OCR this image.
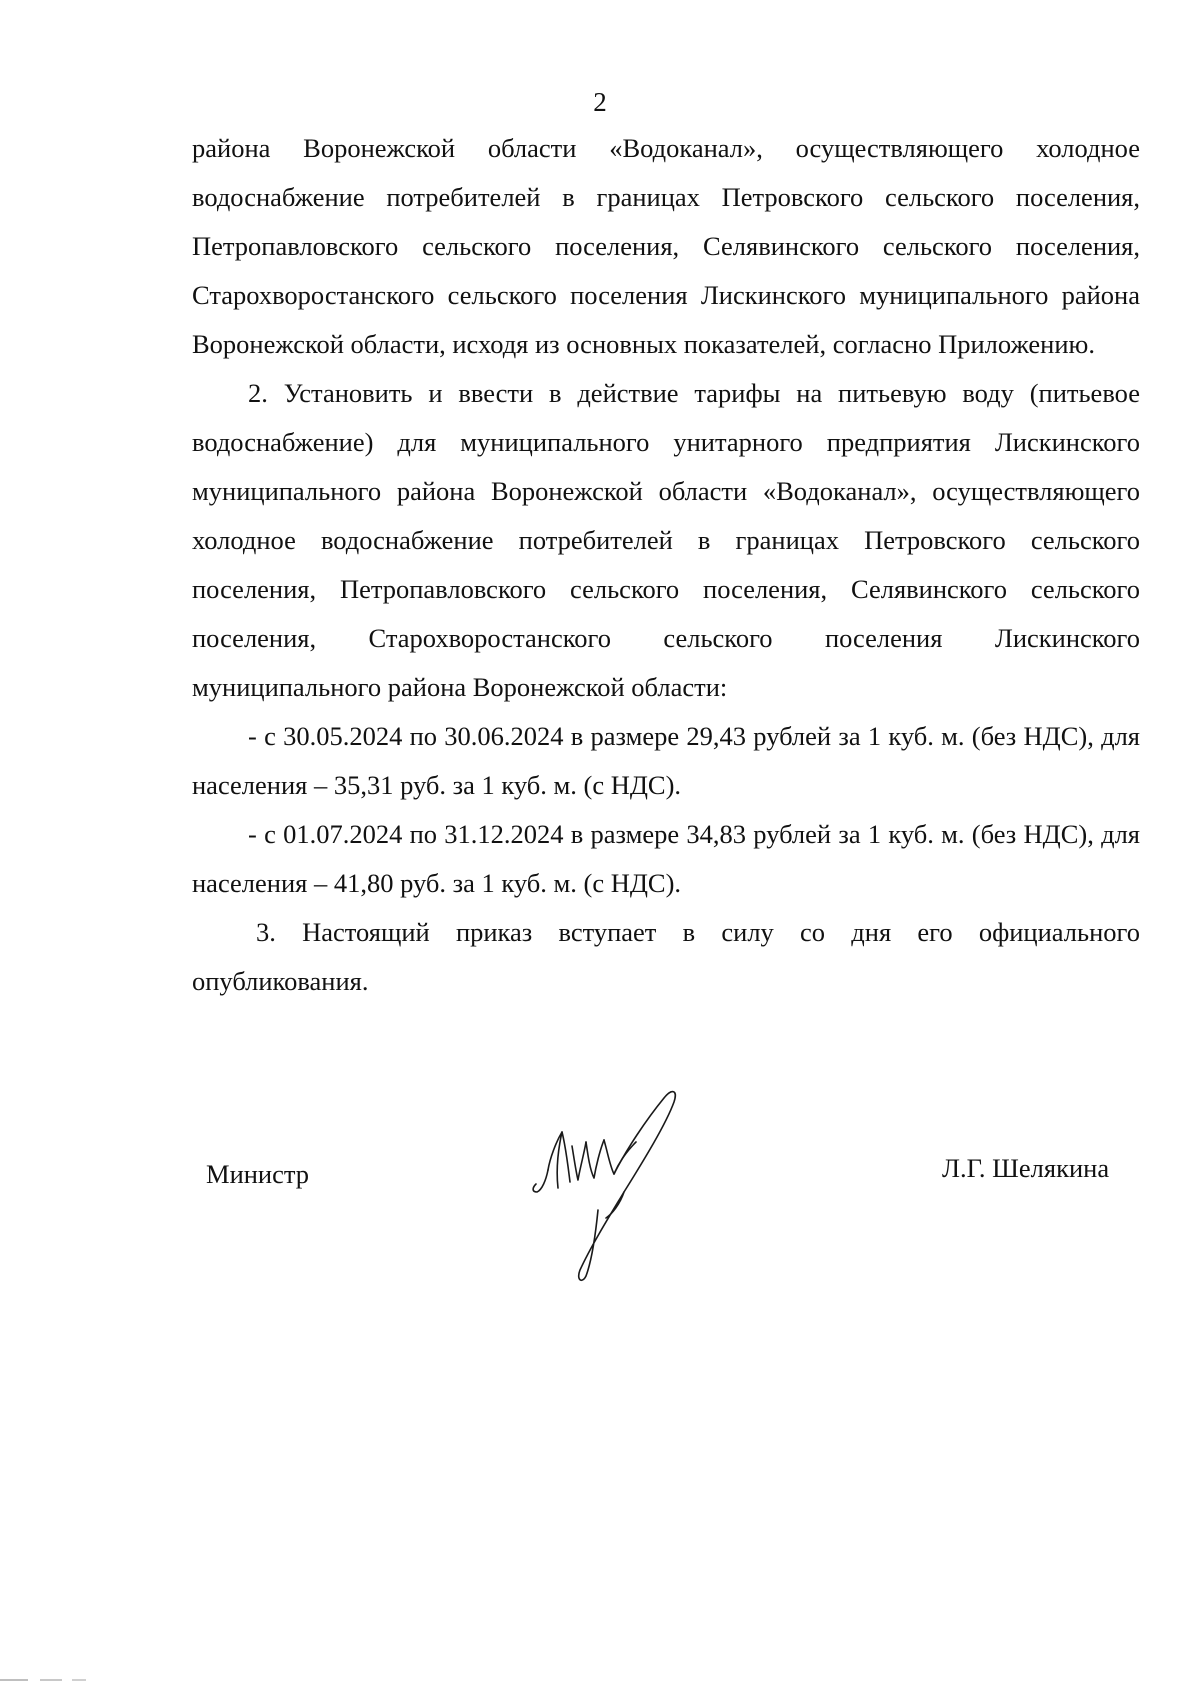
2

района Воронежской области «Водоканал», осуществляющего холодное водоснабжение потребителей в границах Петровского сельского поселения, Петропавловского сельского поселения, Селявинского сельского поселения, Старохворостанского сельского поселения Лискинского муниципального района Воронежской области, исходя из основных показателей, согласно Приложению.

2. Установить и ввести в действие тарифы на питьевую воду (питьевое водоснабжение) для муниципального унитарного предприятия Лискинского муниципального района Воронежской области «Водоканал», осуществляющего холодное водоснабжение потребителей в границах Петровского сельского поселения, Петропавловского сельского поселения, Селявинского сельского поселения, Старохворостанского сельского поселения Лискинского муниципального района Воронежской области:

- с 30.05.2024 по 30.06.2024 в размере 29,43 рублей за 1 куб. м. (без НДС), для населения – 35,31 руб. за 1 куб. м. (с НДС).

- с 01.07.2024 по 31.12.2024 в размере 34,83 рублей за 1 куб. м. (без НДС), для населения – 41,80 руб. за 1 куб. м. (с НДС).

3. Настоящий приказ вступает в силу со дня его официального опубликования.

Министр	Л.Г. Шелякина
